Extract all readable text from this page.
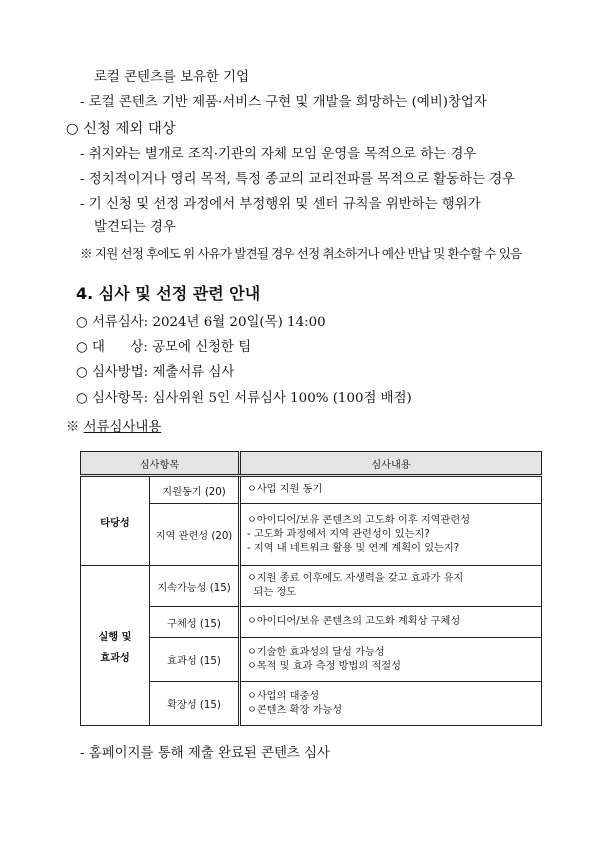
로컬 콘텐츠를 보유한 기업
- 로컬 콘텐츠 기반 제품·서비스 구현 및 개발을 희망하는 (예비)창업자
○ 신청 제외 대상
- 취지와는 별개로 조직·기관의 자체 모임 운영을 목적으로 하는 경우
- 정치적이거나 영리 목적, 특정 종교의 교리전파를 목적으로 활동하는 경우
- 기 신청 및 선정 과정에서 부정행위 및 센터 규칙을 위반하는 행위가
발견되는 경우
※ 지원 선정 후에도 위 사유가 발견될 경우 선정 취소하거나 예산 반납 및 환수할 수 있음
4. 심사 및 선정 관련 안내
○ 서류심사: 2024년 6월 20일(목) 14:00
○ 대      상: 공모에 신청한 팀
○ 심사방법: 제출서류 심사
○ 심사항목: 심사위원 5인 서류심사 100% (100점 배점)
※ 서류심사내용
심사항목		심사내용
타당성	지원동기 (20)	ㅇ사업 지원 동기

	지역 관련성 (20)	ㅇ아이디어/보유 콘텐츠의 고도화 이후 지역관련성
- 고도화 과정에서 지역 관련성이 있는지?
- 지역 내 네트워크 활용 및 연계 계획이 있는지?

실행 및
효과성	지속가능성 (15)	ㅇ지원 종료 이후에도 자생력을 갖고 효과가 유지
되는 정도

	구체성 (15)	ㅇ아이디어/보유 콘텐츠의 고도화 계획상 구체성

	효과성 (15)	ㅇ기술한 효과성의 달성 가능성
ㅇ목적 및 효과 측정 방법의 적절성

	확장성 (15)	ㅇ사업의 대중성
ㅇ콘텐츠 확장 가능성
- 홈페이지를 통해 제출 완료된 콘텐츠 심사
